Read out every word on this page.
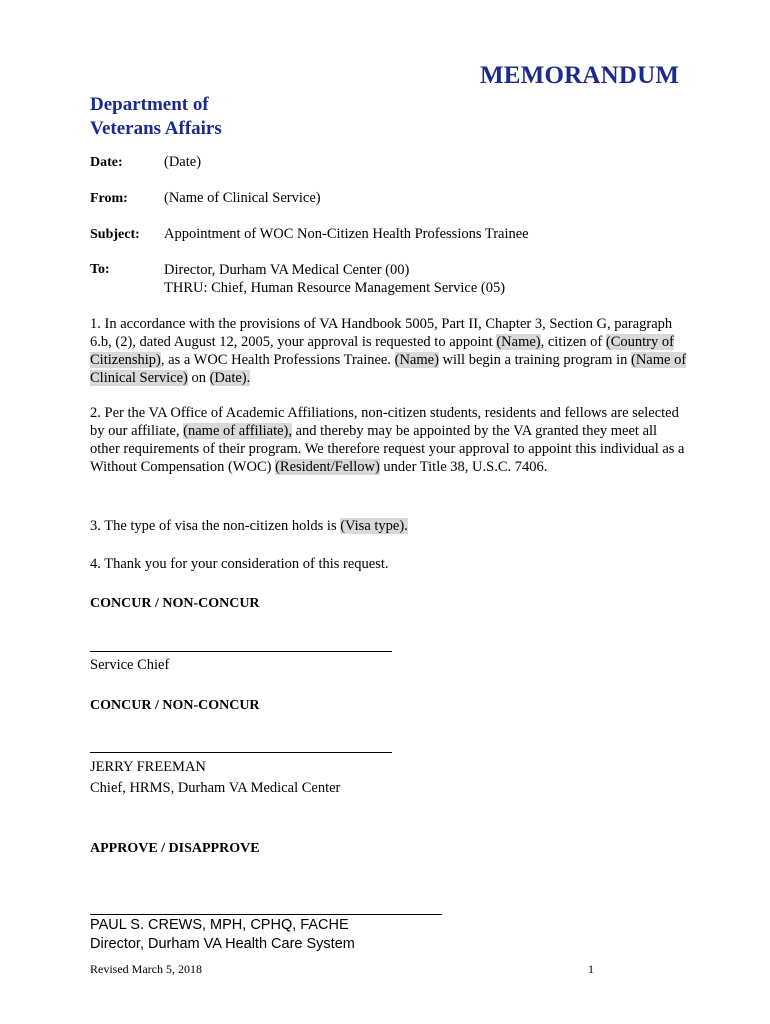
MEMORANDUM
Department of
Veterans Affairs
Date:	(Date)
From: (Name of Clinical Service)
Subject: Appointment of WOC Non-Citizen Health Professions Trainee
To:	Director, Durham VA Medical Center (00)
THRU: Chief, Human Resource Management Service (05)
1. In accordance with the provisions of VA Handbook 5005, Part II, Chapter 3, Section G, paragraph 6.b, (2), dated August 12, 2005, your approval is requested to appoint (Name), citizen of (Country of Citizenship), as a WOC Health Professions Trainee. (Name) will begin a training program in (Name of Clinical Service) on (Date).
2. Per the VA Office of Academic Affiliations, non-citizen students, residents and fellows are selected by our affiliate, (name of affiliate), and thereby may be appointed by the VA granted they meet all other requirements of their program. We therefore request your approval to appoint this individual as a Without Compensation (WOC) (Resident/Fellow) under Title 38, U.S.C. 7406.
3. The type of visa the non-citizen holds is (Visa type).
4. Thank you for your consideration of this request.
CONCUR / NON-CONCUR
Service Chief
CONCUR / NON-CONCUR
JERRY FREEMAN
Chief, HRMS, Durham VA Medical Center
APPROVE / DISAPPROVE
PAUL S. CREWS, MPH, CPHQ, FACHE
Director, Durham VA Health Care System
Revised March 5, 2018	1
